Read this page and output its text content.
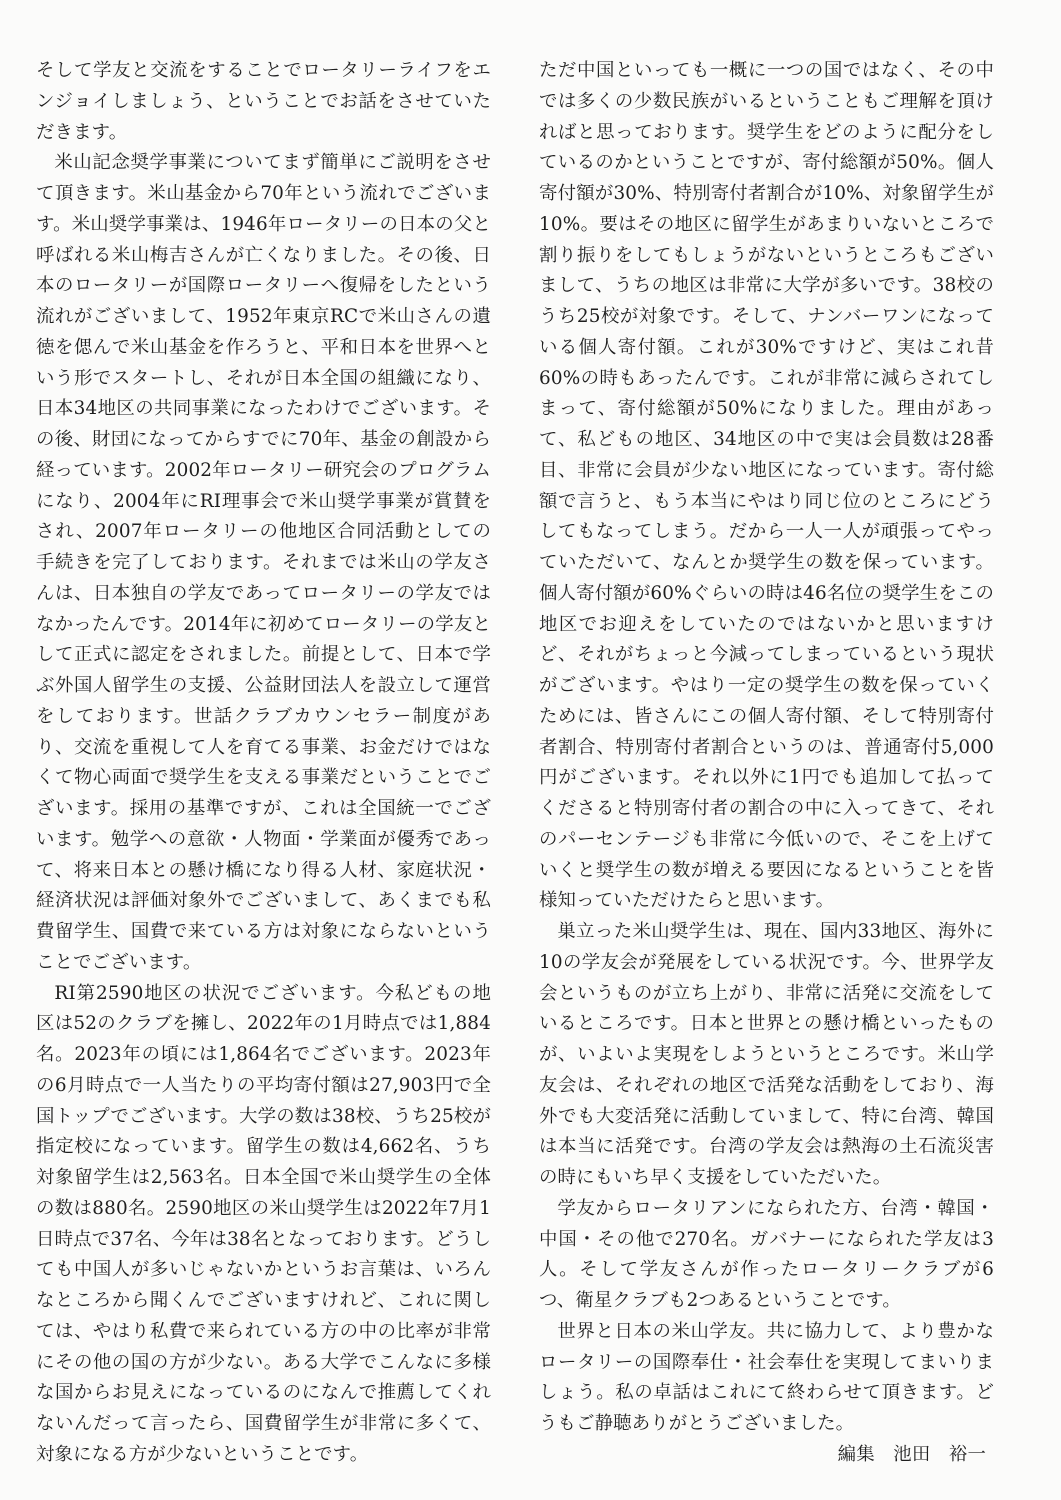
そして学友と交流をすることでロータリーライフをエンジョイしましょう、ということでお話をさせていただきます。

米山記念奨学事業についてまず簡単にご説明をさせて頂きます。米山基金から70年という流れでございます。米山奨学事業は、1946年ロータリーの日本の父と呼ばれる米山梅吉さんが亡くなりました。その後、日本のロータリーが国際ロータリーへ復帰をしたという流れがございまして、1952年東京RCで米山さんの遺徳を偲んで米山基金を作ろうと、平和日本を世界へという形でスタートし、それが日本全国の組織になり、日本34地区の共同事業になったわけでございます。その後、財団になってからすでに70年、基金の創設から経っています。2002年ロータリー研究会のプログラムになり、2004年にRI理事会で米山奨学事業が賞賛をされ、2007年ロータリーの他地区合同活動としての手続きを完了しております。それまでは米山の学友さんは、日本独自の学友であってロータリーの学友ではなかったんです。2014年に初めてロータリーの学友として正式に認定をされました。前提として、日本で学ぶ外国人留学生の支援、公益財団法人を設立して運営をしております。世話クラブカウンセラー制度があり、交流を重視して人を育てる事業、お金だけではなくて物心両面で奨学生を支える事業だということでございます。採用の基準ですが、これは全国統一でございます。勉学への意欲・人物面・学業面が優秀であって、将来日本との懸け橋になり得る人材、家庭状況・経済状況は評価対象外でございまして、あくまでも私費留学生、国費で来ている方は対象にならないということでございます。

RI第2590地区の状況でございます。今私どもの地区は52のクラブを擁し、2022年の1月時点では1,884名。2023年の頃には1,864名でございます。2023年の6月時点で一人当たりの平均寄付額は27,903円で全国トップでございます。大学の数は38校、うち25校が指定校になっています。留学生の数は4,662名、うち対象留学生は2,563名。日本全国で米山奨学生の全体の数は880名。2590地区の米山奨学生は2022年7月1日時点で37名、今年は38名となっております。どうしても中国人が多いじゃないかというお言葉は、いろんなところから聞くんでございますけれど、これに関しては、やはり私費で来られている方の中の比率が非常にその他の国の方が少ない。ある大学でこんなに多様な国からお見えになっているのになんで推薦してくれないんだって言ったら、国費留学生が非常に多くて、対象になる方が少ないということです。

ただ中国といっても一概に一つの国ではなく、その中では多くの少数民族がいるということもご理解を頂ければと思っております。奨学生をどのように配分をしているのかということですが、寄付総額が50%。個人寄付額が30%、特別寄付者割合が10%、対象留学生が10%。要はその地区に留学生があまりいないところで割り振りをしてもしょうがないというところもございまして、うちの地区は非常に大学が多いです。38校のうち25校が対象です。そして、ナンバーワンになっている個人寄付額。これが30%ですけど、実はこれ昔60%の時もあったんです。これが非常に減らされてしまって、寄付総額が50%になりました。理由があって、私どもの地区、34地区の中で実は会員数は28番目、非常に会員が少ない地区になっています。寄付総額で言うと、もう本当にやはり同じ位のところにどうしてもなってしまう。だから一人一人が頑張ってやっていただいて、なんとか奨学生の数を保っています。個人寄付額が60%ぐらいの時は46名位の奨学生をこの地区でお迎えをしていたのではないかと思いますけど、それがちょっと今減ってしまっているという現状がございます。やはり一定の奨学生の数を保っていくためには、皆さんにこの個人寄付額、そして特別寄付者割合、特別寄付者割合というのは、普通寄付5,000円がございます。それ以外に1円でも追加して払ってくださると特別寄付者の割合の中に入ってきて、それのパーセンテージも非常に今低いので、そこを上げていくと奨学生の数が増える要因になるということを皆様知っていただけたらと思います。

巣立った米山奨学生は、現在、国内33地区、海外に10の学友会が発展をしている状況です。今、世界学友会というものが立ち上がり、非常に活発に交流をしているところです。日本と世界との懸け橋といったものが、いよいよ実現をしようというところです。米山学友会は、それぞれの地区で活発な活動をしており、海外でも大変活発に活動していまして、特に台湾、韓国は本当に活発です。台湾の学友会は熱海の土石流災害の時にもいち早く支援をしていただいた。

学友からロータリアンになられた方、台湾・韓国・中国・その他で270名。ガバナーになられた学友は3人。そして学友さんが作ったロータリークラブが6つ、衛星クラブも2つあるということです。

世界と日本の米山学友。共に協力して、より豊かなロータリーの国際奉仕・社会奉仕を実現してまいりましょう。私の卓話はこれにて終わらせて頂きます。どうもご静聴ありがとうございました。

編集　池田　裕一
